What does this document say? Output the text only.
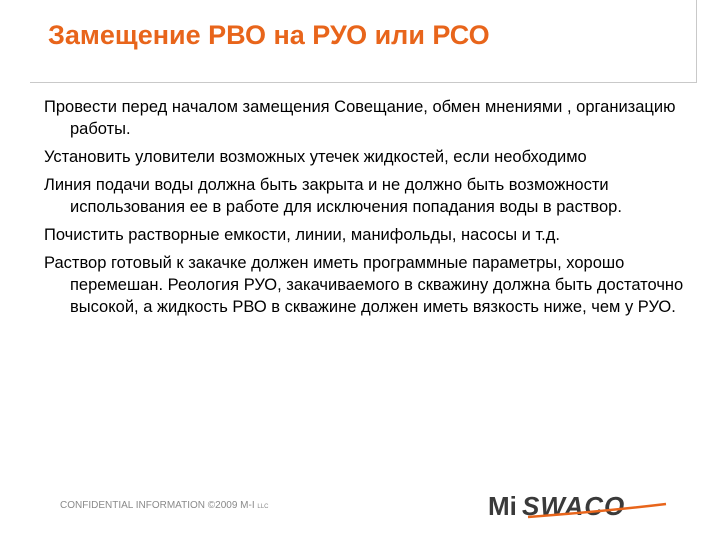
Замещение РВО на РУО или РСО
Провести перед началом замещения Совещание, обмен мнениями , организацию работы.
Установить уловители возможных утечек жидкостей, если необходимо
Линия подачи воды должна быть закрыта и не должно быть возможности использования ее в работе для исключения попадания воды в раствор.
Почистить растворные емкости, линии, манифольды, насосы и т.д.
Раствор готовый к закачке должен иметь программные параметры, хорошо перемешан. Реология РУО, закачиваемого в скважину должна быть достаточно высокой, а жидкость РВО в скважине должен иметь вязкость ниже, чем у РУО.
CONFIDENTIAL INFORMATION ©2009 M-I LLC	Mi SWACO
